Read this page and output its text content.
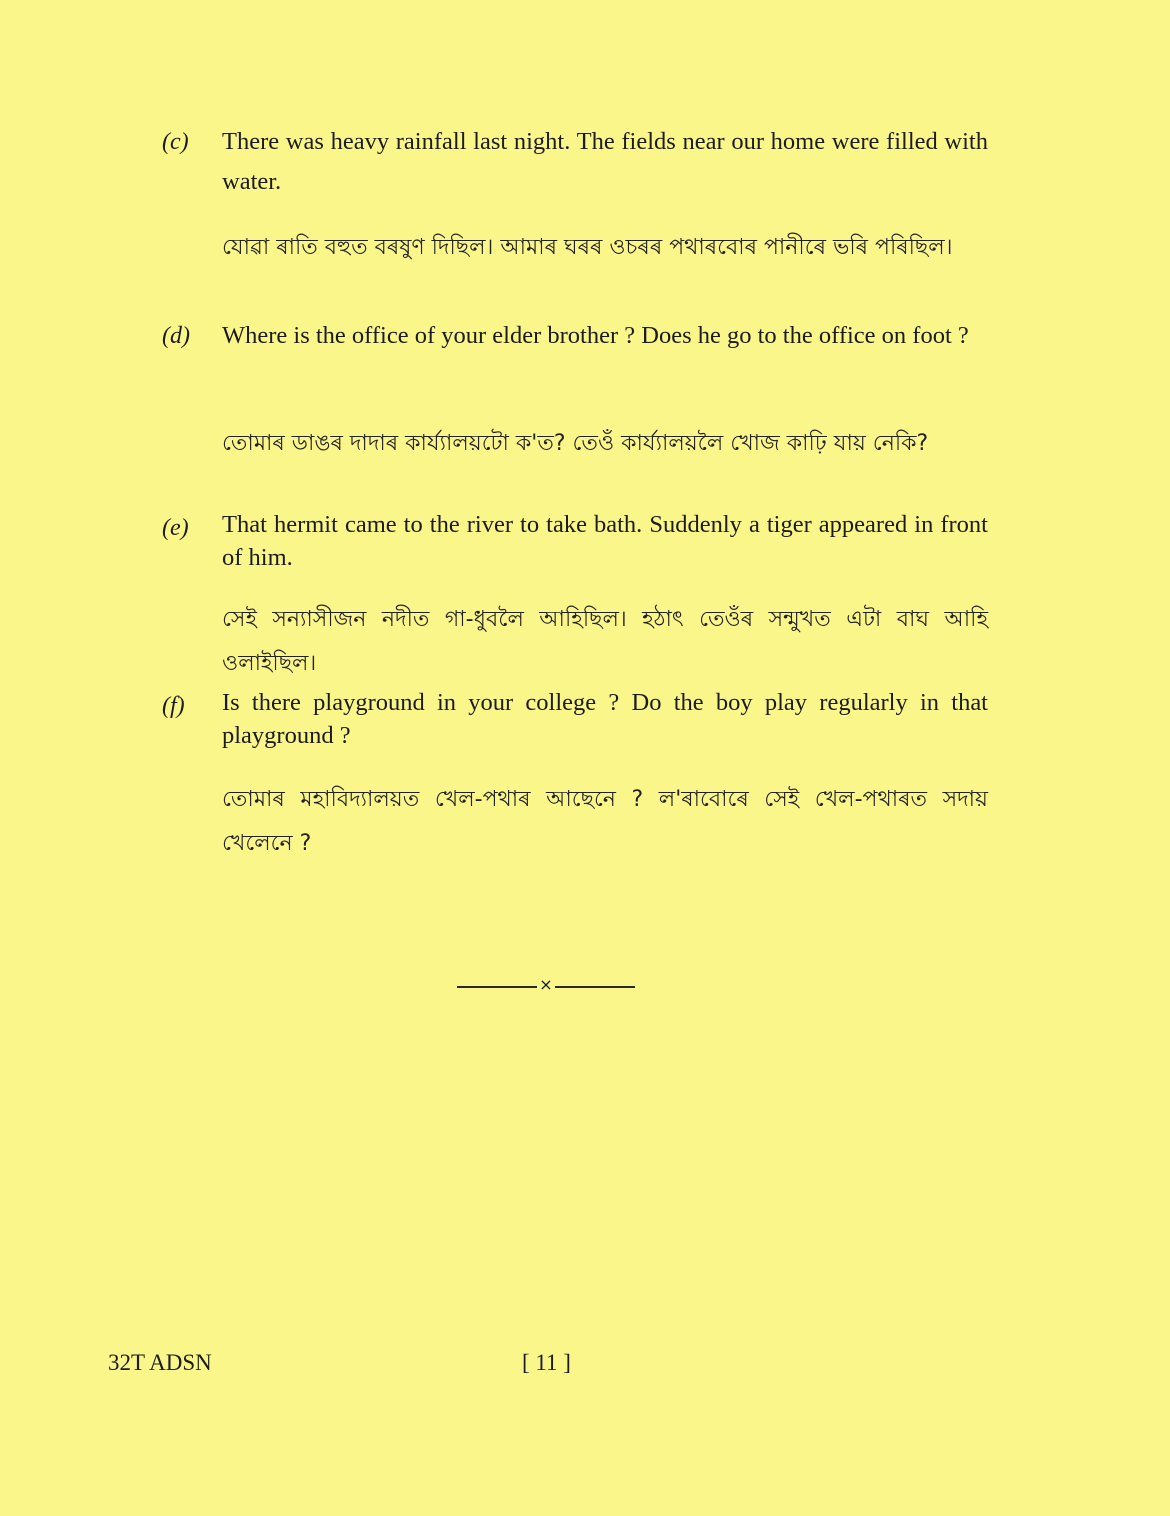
(c) There was heavy rainfall last night. The fields near our home were filled with water.
যোৱা ৰাতি বহুত বৰষুণ দিছিল। আমাৰ ঘৰৰ ওচৰৰ পথাৰবোৰ পানীৰে ভৰি পৰিছিল।
(d) Where is the office of your elder brother ? Does he go to the office on foot ?
তোমাৰ ডাঙৰ দাদাৰ কাৰ্য্যালয়টো ক'ত? তেওঁ কাৰ্য্যালয়লৈ খোজ কাঢ়ি যায় নেকি?
(e) That hermit came to the river to take bath. Suddenly a tiger appeared in front of him.
সেই সন্যাসীজন নদীত গা-ধুবলৈ আহিছিল। হঠাৎ তেওঁৰ সন্মুখত এটা বাঘ আহি ওলাইছিল।
(f) Is there playground in your college ? Do the boy play regularly in that playground ?
তোমাৰ মহাবিদ্যালয়ত খেল-পথাৰ আছেনে ? ল'ৰাবোৰে সেই খেল-পথাৰত সদায় খেলেনে ?
×
32T ADSN	[ 11 ]
